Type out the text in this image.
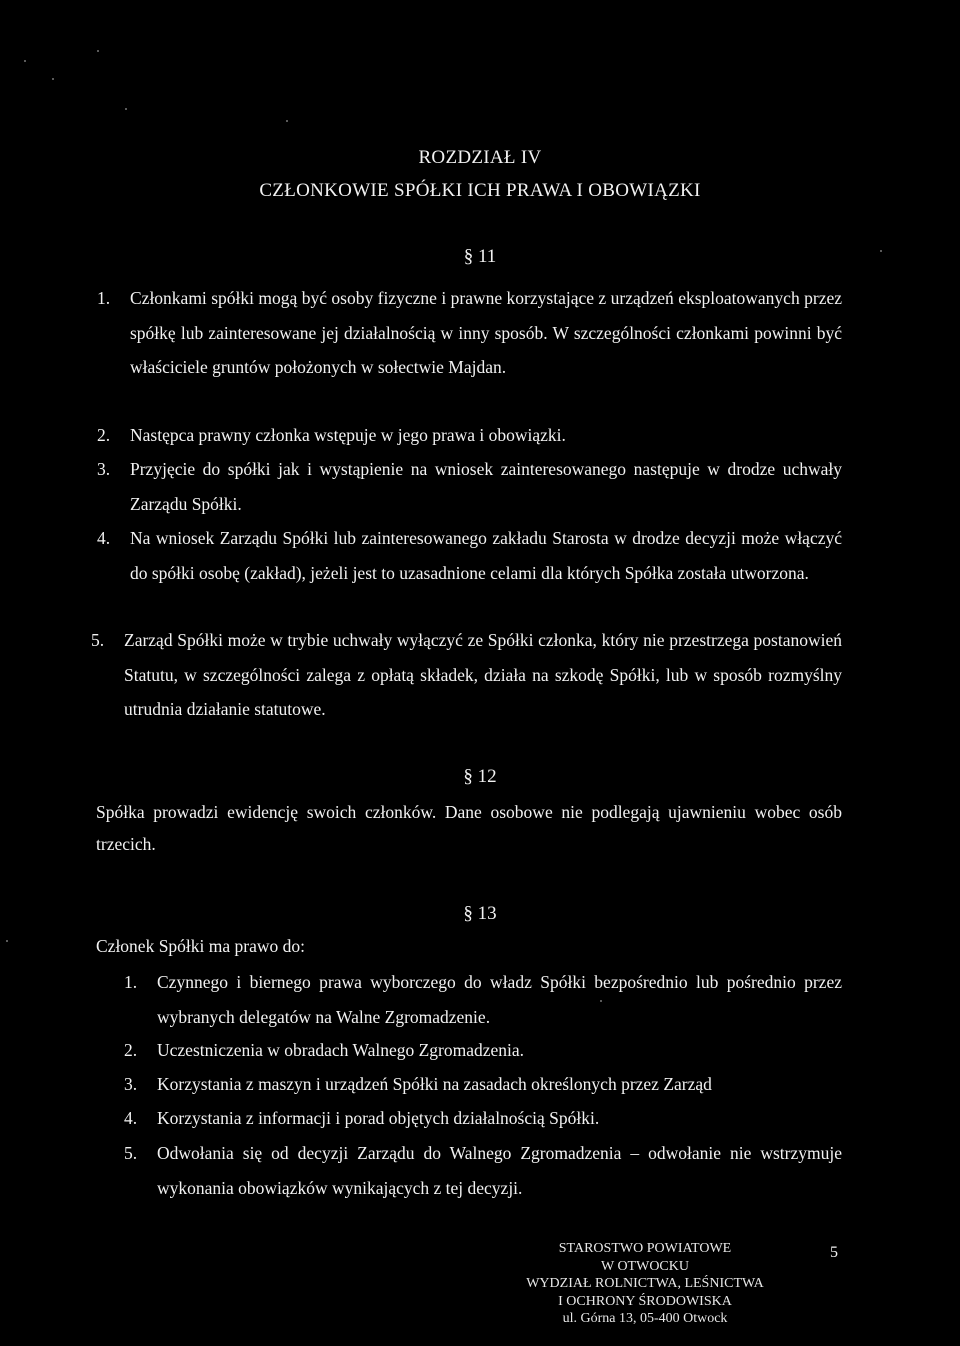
ROZDZIAŁ IV
CZŁONKOWIE SPÓŁKI ICH PRAWA I OBOWIĄZKI
§ 11
1. Członkami spółki mogą być osoby fizyczne i prawne korzystające z urządzeń eksploatowanych przez spółkę lub zainteresowane jej działalnością w inny sposób. W szczególności członkami powinni być właściciele gruntów położonych w sołectwie Majdan.
2. Następca prawny członka wstępuje w jego prawa i obowiązki.
3. Przyjęcie do spółki jak i wystąpienie na wniosek zainteresowanego następuje w drodze uchwały Zarządu Spółki.
4. Na wniosek Zarządu Spółki lub zainteresowanego zakładu Starosta w drodze decyzji może włączyć do spółki osobę (zakład), jeżeli jest to uzasadnione celami dla których Spółka została utworzona.
5. Zarząd Spółki może w trybie uchwały wyłączyć ze Spółki członka, który nie przestrzega postanowień Statutu, w szczególności zalega z opłatą składek, działa na szkodę Spółki, lub w sposób rozmyślny utrudnia działanie statutowe.
§ 12
Spółka prowadzi ewidencję swoich członków. Dane osobowe nie podlegają ujawnieniu wobec osób trzecich.
§ 13
Członek Spółki ma prawo do:
1. Czynnego i biernego prawa wyborczego do władz Spółki bezpośrednio lub pośrednio przez wybranych delegatów na Walne Zgromadzenie.
2. Uczestniczenia w obradach Walnego Zgromadzenia.
3. Korzystania z maszyn i urządzeń Spółki na zasadach określonych przez Zarząd
4. Korzystania z informacji i porad objętych działalnością Spółki.
5. Odwołania się od decyzji Zarządu do Walnego Zgromadzenia – odwołanie nie wstrzymuje wykonania obowiązków wynikających z tej decyzji.
STAROSTWO POWIATOWE
W OTWOCKU
WYDZIAŁ ROLNICTWA, LEŚNICTWA
I OCHRONY ŚRODOWISKA
ul. Górna 13, 05-400 Otwock
5
